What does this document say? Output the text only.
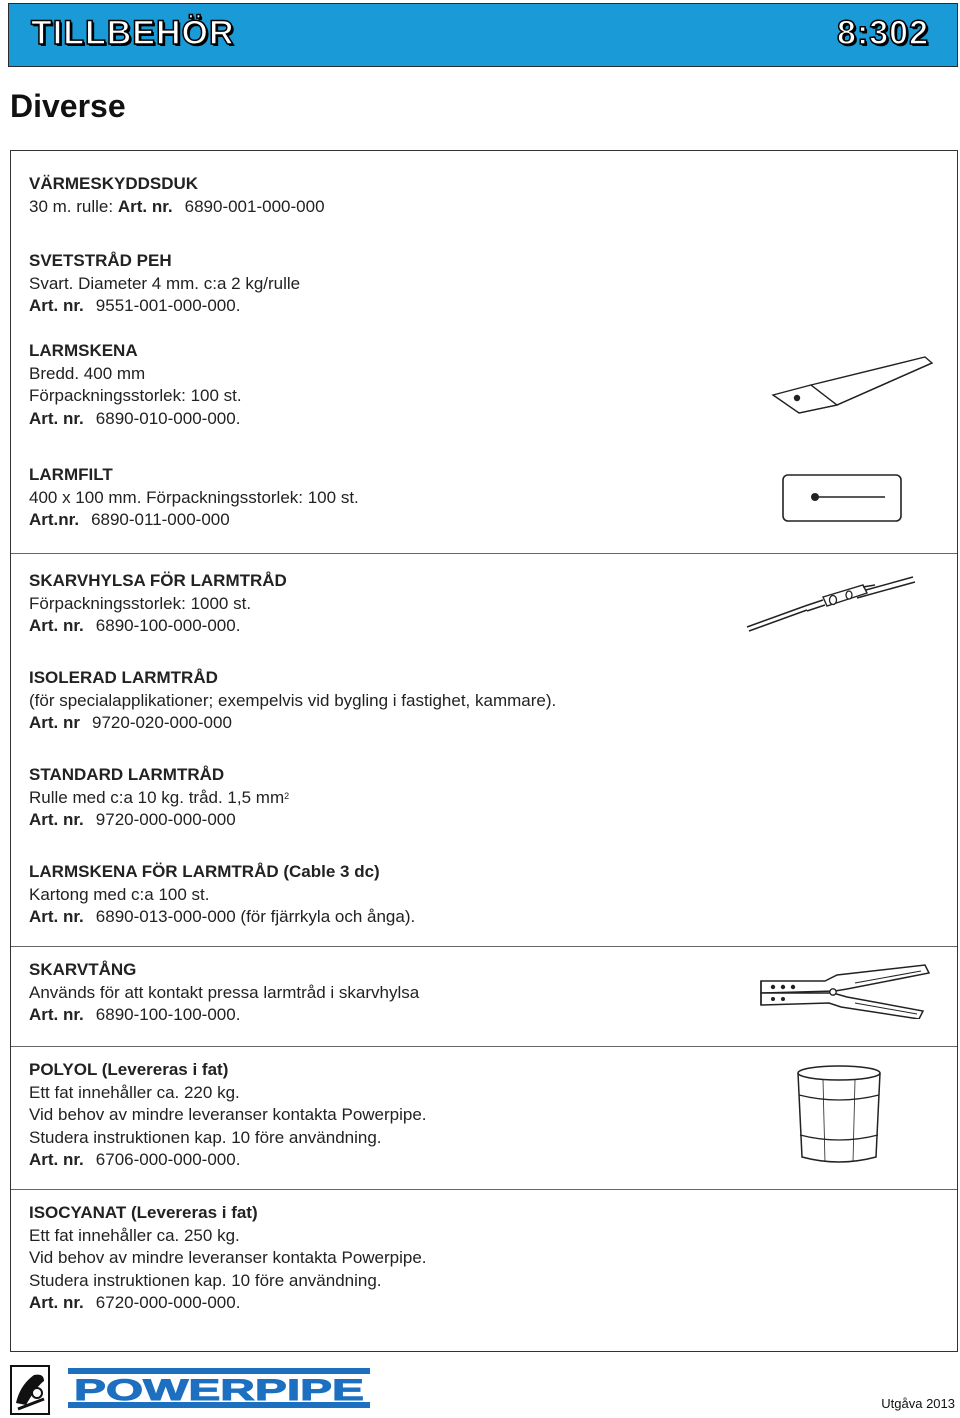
TILLBEHÖR	8:302
Diverse
VÄRMESKYDDSDUK
30 m. rulle: Art. nr. 6890-001-000-000
SVETSTRÅD PEH
Svart. Diameter 4 mm. c:a 2 kg/rulle
Art. nr. 9551-001-000-000.
LARMSKENA
Bredd. 400 mm
Förpackningsstorlek: 100 st.
Art. nr. 6890-010-000-000.
LARMFILT
400 x 100 mm. Förpackningsstorlek: 100 st.
Art.nr. 6890-011-000-000
SKARVHYLSA FÖR LARMTRÅD
Förpackningsstorlek: 1000 st.
Art. nr. 6890-100-000-000.
ISOLERAD LARMTRÅD
(för specialapplikationer; exempelvis vid bygling i fastighet, kammare).
Art. nr 9720-020-000-000
STANDARD LARMTRÅD
Rulle med c:a 10 kg. tråd. 1,5 $mm^2$
Art. nr. 9720-000-000-000
LARMSKENA FÖR LARMTRÅD (Cable 3 dc)
Kartong med c:a 100 st.
Art. nr. 6890-013-000-000 (för fjärrkyla och ånga).
SKARVTÅNG
Används för att kontakt pressa larmtråd i skarvhylsa
Art. nr. 6890-100-100-000.
POLYOL (Levereras i fat)
Ett fat innehåller ca. 220 kg.
Vid behov av mindre leveranser kontakta Powerpipe.
Studera instruktionen kap. 10 före användning.
Art. nr. 6706-000-000-000.
ISOCYANAT (Levereras i fat)
Ett fat innehåller ca. 250 kg.
Vid behov av mindre leveranser kontakta Powerpipe.
Studera instruktionen kap. 10 före användning.
Art. nr. 6720-000-000-000.
POWERPIPE	Utgåva 2013
